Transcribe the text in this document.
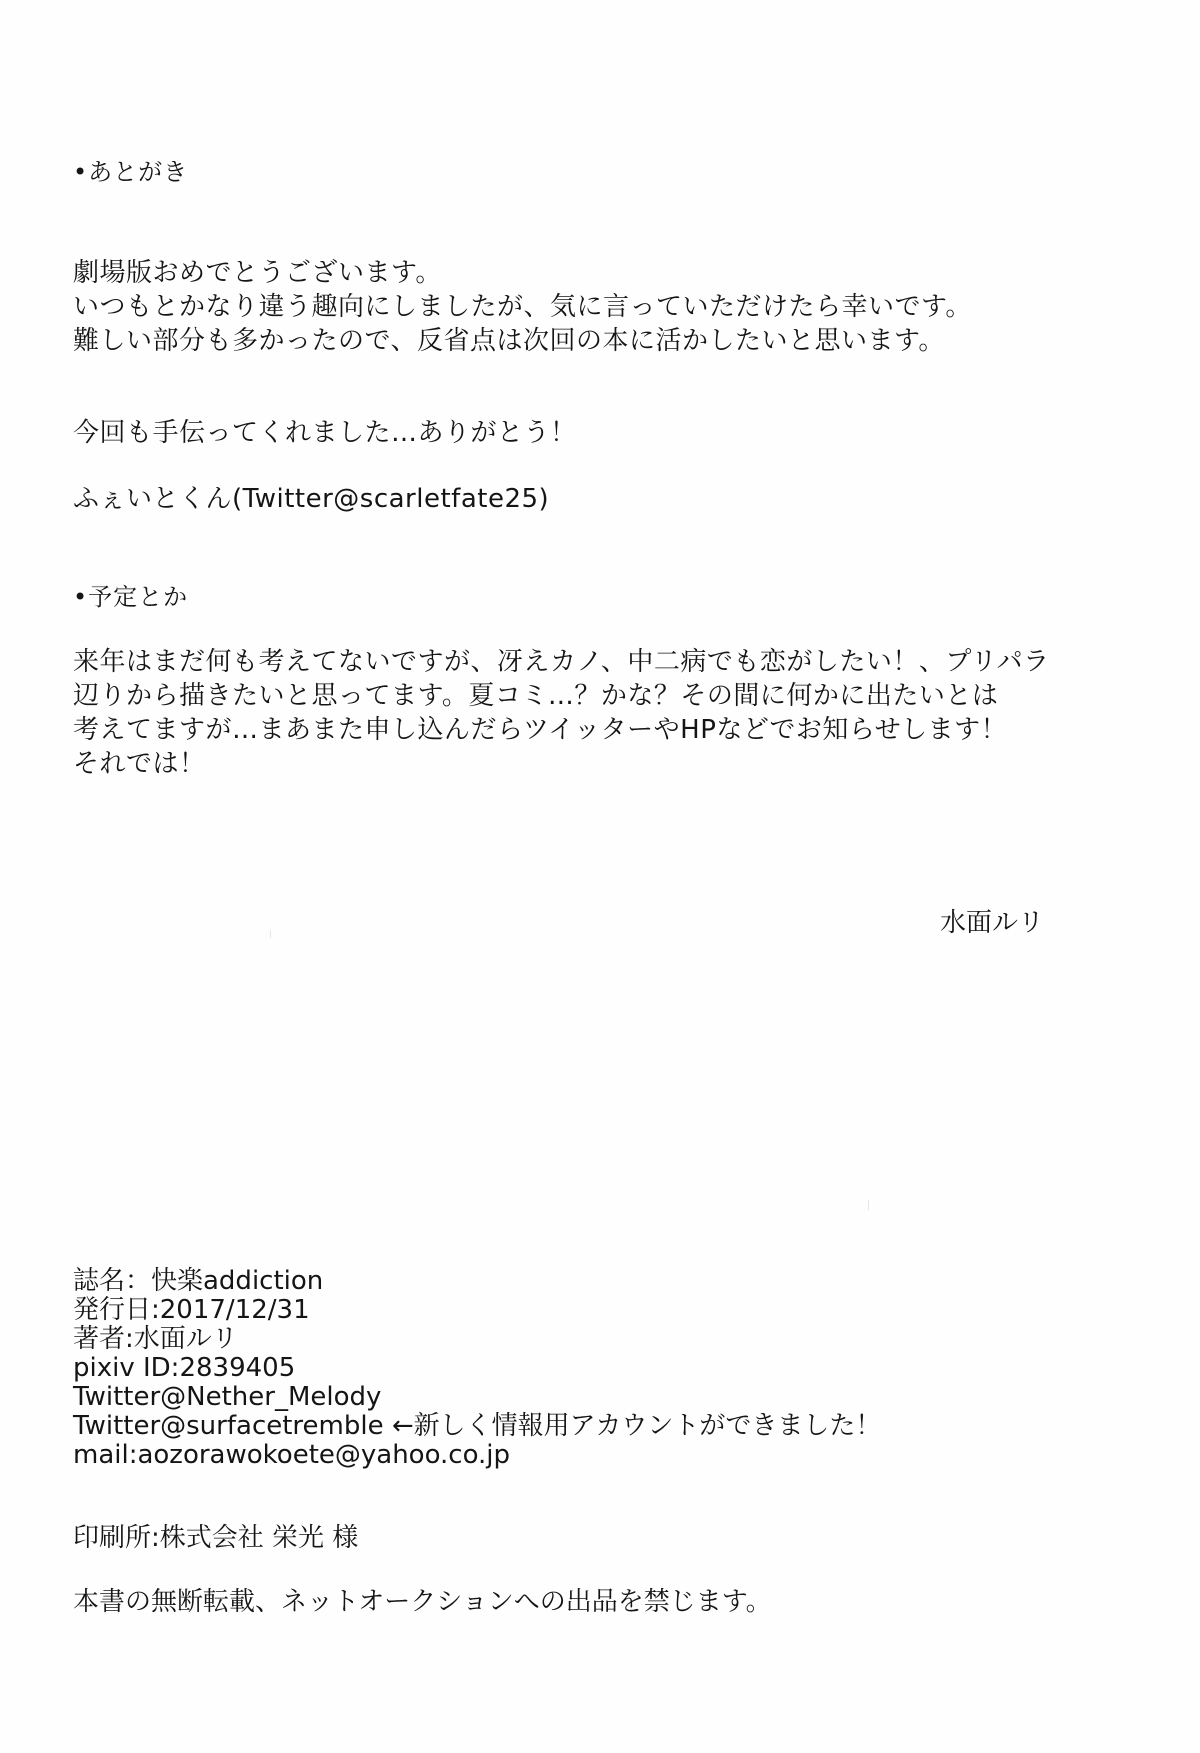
•あとがき

劇場版おめでとうございます。
いつもとかなり違う趣向にしましたが、気に言っていただけたら幸いです。
難しい部分も多かったので、反省点は次回の本に活かしたいと思います。

今回も手伝ってくれました…ありがとう！

ふぇいとくん(Twitter@scarletfate25)

•予定とか

来年はまだ何も考えてないですが、冴えカノ、中二病でも恋がしたい！、プリパラ
辺りから描きたいと思ってます。夏コミ…？かな？その間に何かに出たいとは
考えてますが…まあまた申し込んだらツイッターやHPなどでお知らせします！
それでは！

水面ルリ

誌名：快楽addiction
発行日:2017/12/31
著者:水面ルリ
pixiv ID:2839405
Twitter@Nether_Melody
Twitter@surfacetremble ←新しく情報用アカウントができました！
mail:aozorawokoete@yahoo.co.jp

印刷所:株式会社 栄光 様

本書の無断転載、ネットオークションへの出品を禁じます。
